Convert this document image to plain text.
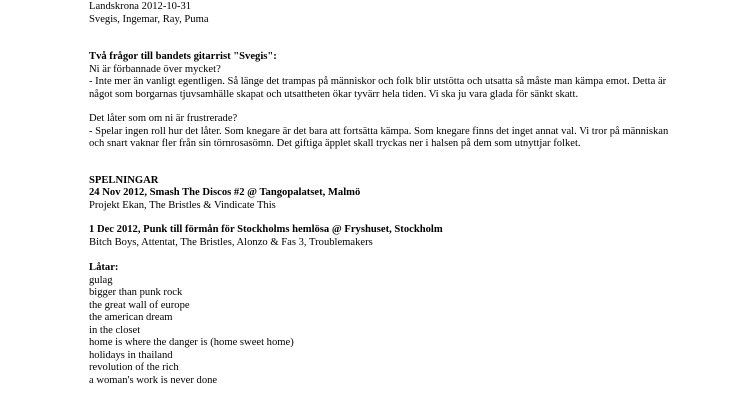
Landskrona 2012-10-31
Svegis, Ingemar, Ray, Puma
Två frågor till bandets gitarrist "Svegis":
Ni är förbannade över mycket?
- Inte mer än vanligt egentligen. Så länge det trampas på människor och folk blir utstötta och utsatta så måste man kämpa emot. Detta är något som borgarnas tjuvsamhälle skapat och utsattheten ökar tyvärr hela tiden. Vi ska ju vara glada för sänkt skatt.
Det låter som om ni är frustrerade?
- Spelar ingen roll hur det låter. Som knegare är det bara att fortsätta kämpa. Som knegare finns det inget annat val. Vi tror på människan och snart vaknar fler från sin törnrosasömn. Det giftiga äpplet skall tryckas ner i halsen på dem som utnyttjar folket.
SPELNINGAR
24 Nov 2012, Smash The Discos #2 @ Tangopalatset, Malmö
Projekt Ekan, The Bristles & Vindicate This
1 Dec 2012, Punk till förmån för Stockholms hemlösa @ Fryshuset, Stockholm
Bitch Boys, Attentat, The Bristles, Alonzo & Fas 3, Troublemakers
Låtar:
gulag
bigger than punk rock
the great wall of europe
the american dream
in the closet
home is where the danger is (home sweet home)
holidays in thailand
revolution of the rich
a woman's work is never done
